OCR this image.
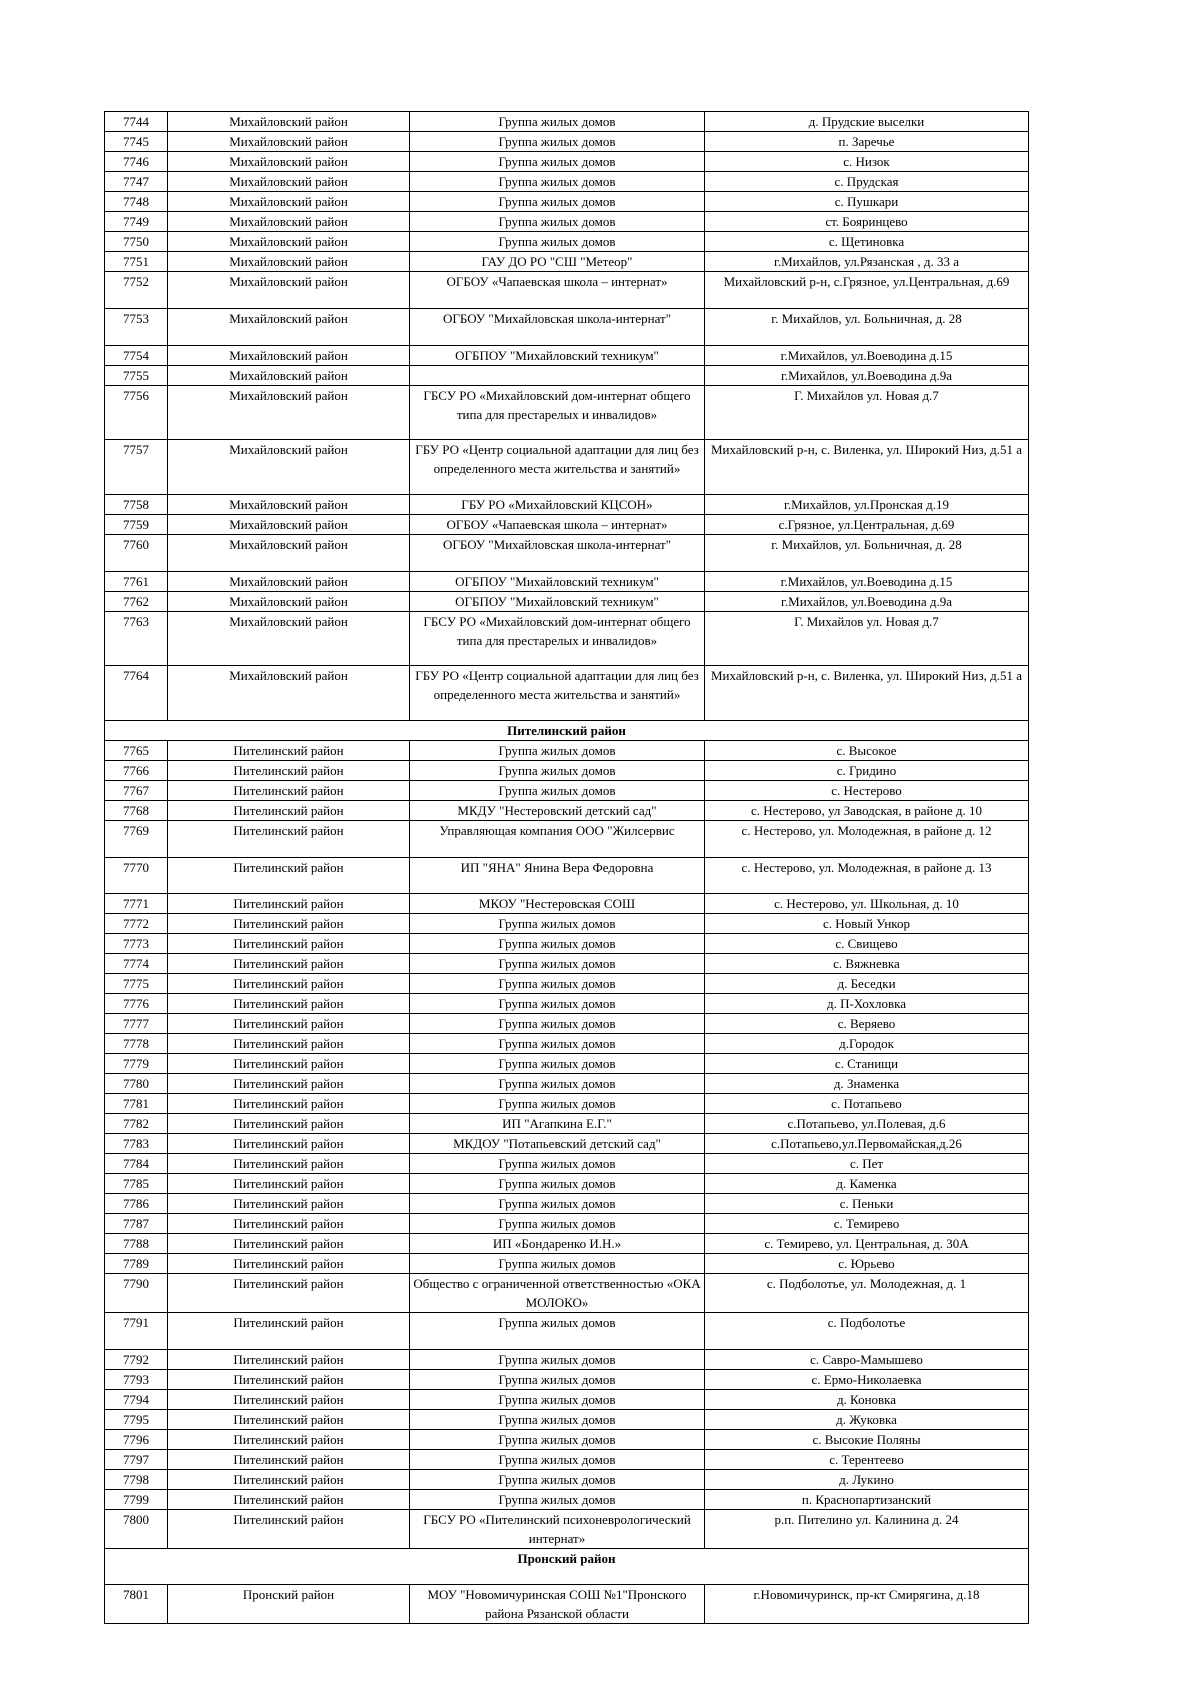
7744	Михайловский район	Группа жилых домов	д. Прудские выселки
7745	Михайловский район	Группа жилых домов	п. Заречье
7746	Михайловский район	Группа жилых домов	с. Низок
7747	Михайловский район	Группа жилых домов	с. Прудская
7748	Михайловский район	Группа жилых домов	с. Пушкари
7749	Михайловский район	Группа жилых домов	ст. Бояринцево
7750	Михайловский район	Группа жилых домов	с. Щетиновка
7751	Михайловский район	ГАУ ДО РО "СШ "Метеор"	г.Михайлов, ул.Рязанская , д. 33 а
7752	Михайловский район	ОГБОУ «Чапаевская школа – интернат»	Михайловский р-н, с.Грязное, ул.Центральная, д.69
7753	Михайловский район	ОГБОУ "Михайловская школа-интернат"	г. Михайлов, ул. Больничная, д. 28
7754	Михайловский район	ОГБПОУ "Михайловский техникум"	г.Михайлов, ул.Воеводина д.15
7755	Михайловский район		г.Михайлов, ул.Воеводина д.9а
7756	Михайловский район	ГБСУ РО «Михайловский дом-интернат общего типа для престарелых и инвалидов»	Г. Михайлов ул. Новая д.7
7757	Михайловский район	ГБУ РО «Центр социальной адаптации для лиц без определенного места жительства и занятий»	Михайловский р-н, с. Виленка, ул. Широкий Низ, д.51 а
7758	Михайловский район	ГБУ РО «Михайловский КЦСОН»	г.Михайлов, ул.Пронская д.19
7759	Михайловский район	ОГБОУ «Чапаевская школа – интернат»	с.Грязное, ул.Центральная, д.69
7760	Михайловский район	ОГБОУ "Михайловская школа-интернат"	г. Михайлов, ул. Больничная, д. 28
7761	Михайловский район	ОГБПОУ "Михайловский техникум"	г.Михайлов, ул.Воеводина д.15
7762	Михайловский район	ОГБПОУ "Михайловский техникум"	г.Михайлов, ул.Воеводина д.9а
7763	Михайловский район	ГБСУ РО «Михайловский дом-интернат общего типа для престарелых и инвалидов»	Г. Михайлов ул. Новая д.7
7764	Михайловский район	ГБУ РО «Центр социальной адаптации для лиц без определенного места жительства и занятий»	Михайловский р-н, с. Виленка, ул. Широкий Низ, д.51 а
Пителинский район			
7765	Пителинский район	Группа жилых домов	с. Высокое
7766	Пителинский район	Группа жилых домов	с. Гридино
7767	Пителинский район	Группа жилых домов	с. Нестерово
7768	Пителинский район	МКДУ "Нестеровский детский сад"	с. Нестерово, ул Заводская, в районе д. 10
7769	Пителинский район	Управляющая компания ООО "Жилсервис	с. Нестерово, ул. Молодежная, в районе д. 12
7770	Пителинский район	ИП "ЯНА" Янина Вера Федоровна	с. Нестерово, ул. Молодежная, в районе д. 13
7771	Пителинский район	МКОУ "Нестеровская СОШ	с. Нестерово, ул. Школьная, д. 10
7772	Пителинский район	Группа жилых домов	с. Новый Ункор
7773	Пителинский район	Группа жилых домов	с. Свищево
7774	Пителинский район	Группа жилых домов	с. Вяжневка
7775	Пителинский район	Группа жилых домов	д. Беседки
7776	Пителинский район	Группа жилых домов	д. П-Хохловка
7777	Пителинский район	Группа жилых домов	с. Веряево
7778	Пителинский район	Группа жилых домов	д.Городок
7779	Пителинский район	Группа жилых домов	с. Станищи
7780	Пителинский район	Группа жилых домов	д. Знаменка
7781	Пителинский район	Группа жилых домов	с. Потапьево
7782	Пителинский район	ИП "Агапкина Е.Г."	с.Потапьево, ул.Полевая, д.6
7783	Пителинский район	МКДОУ "Потапьевский детский сад"	с.Потапьево,ул.Первомайская,д.26
7784	Пителинский район	Группа жилых домов	с. Пет
7785	Пителинский район	Группа жилых домов	д. Каменка
7786	Пителинский район	Группа жилых домов	с. Пеньки
7787	Пителинский район	Группа жилых домов	с. Темирево
7788	Пителинский район	ИП «Бондаренко И.Н.»	с. Темирево, ул. Центральная, д. 30А
7789	Пителинский район	Группа жилых домов	с. Юрьево
7790	Пителинский район	Общество с ограниченной ответственностью «ОКА МОЛОКО»	с. Подболотье, ул. Молодежная, д. 1
7791	Пителинский район	Группа жилых домов	с. Подболотье
7792	Пителинский район	Группа жилых домов	с. Савро-Мамышево
7793	Пителинский район	Группа жилых домов	с. Ермо-Николаевка
7794	Пителинский район	Группа жилых домов	д. Коновка
7795	Пителинский район	Группа жилых домов	д. Жуковка
7796	Пителинский район	Группа жилых домов	с. Высокие Поляны
7797	Пителинский район	Группа жилых домов	с. Терентеево
7798	Пителинский район	Группа жилых домов	д. Лукино
7799	Пителинский район	Группа жилых домов	п. Краснопартизанский
7800	Пителинский район	ГБСУ РО «Пителинский психоневрологический интернат»	р.п. Пителино ул. Калинина д. 24
Пронский район			
7801	Пронский район	МОУ "Новомичуринская СОШ №1"Пронского района Рязанской области	г.Новомичуринск, пр-кт Смирягина, д.18
